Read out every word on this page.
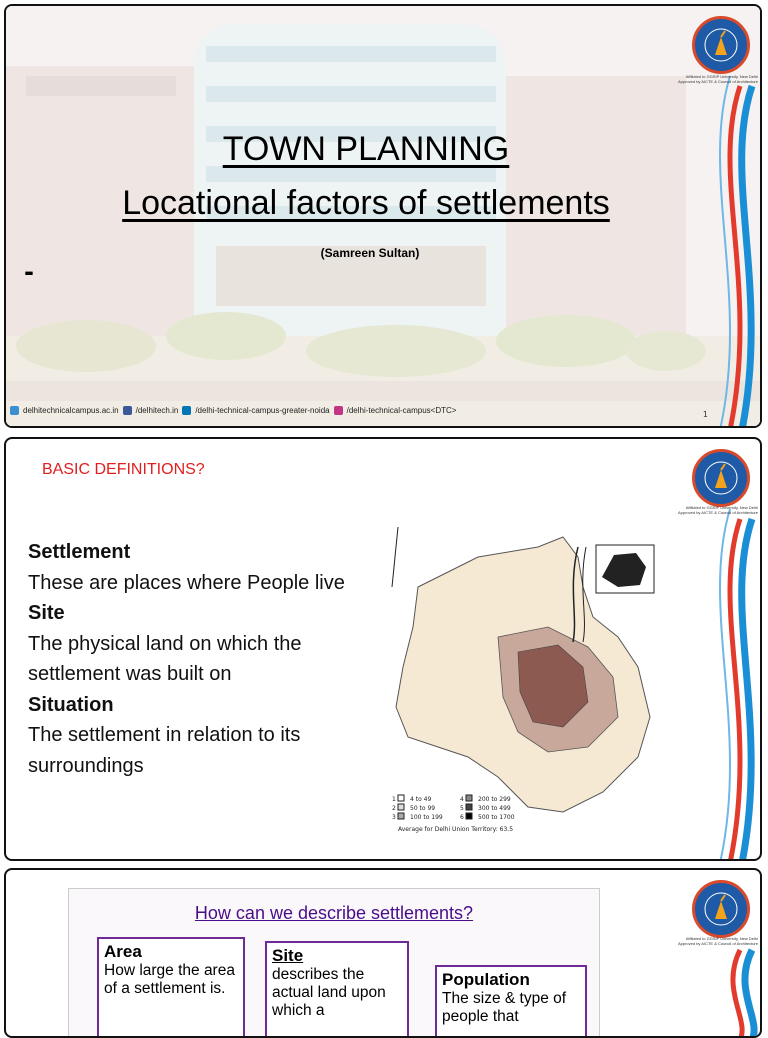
Affiliated to GGSIP University, New Delhi
Approved by AICTE & Council of Architecture
TOWN PLANNING
Locational factors of settlements
(Samreen Sultan)
-
delhitechnicalcampus.ac.in /delhitech.in /delhi-technical-campus-greater-noida /delhi-technical-campus<DTC>	1
Affiliated to GGSIP University, New Delhi
Approved by AICTE & Council of Architecture
BASIC DEFINITIONS?
Settlement
These are places where People live
Site
The physical land on which the settlement was built on
Situation
The settlement in relation to its surroundings
1 4 to 49
2 50 to 99
3 100 to 199
4 200 to 299
5 300 to 499
6 500 to 1700
Average for Delhi Union Territory: 63.5
Affiliated to GGSIP University, New Delhi
Approved by AICTE & Council of Architecture
How can we describe settlements?
Area
How large the area of a settlement is.
Site
describes the actual land upon which a
Population
The size & type of people that
